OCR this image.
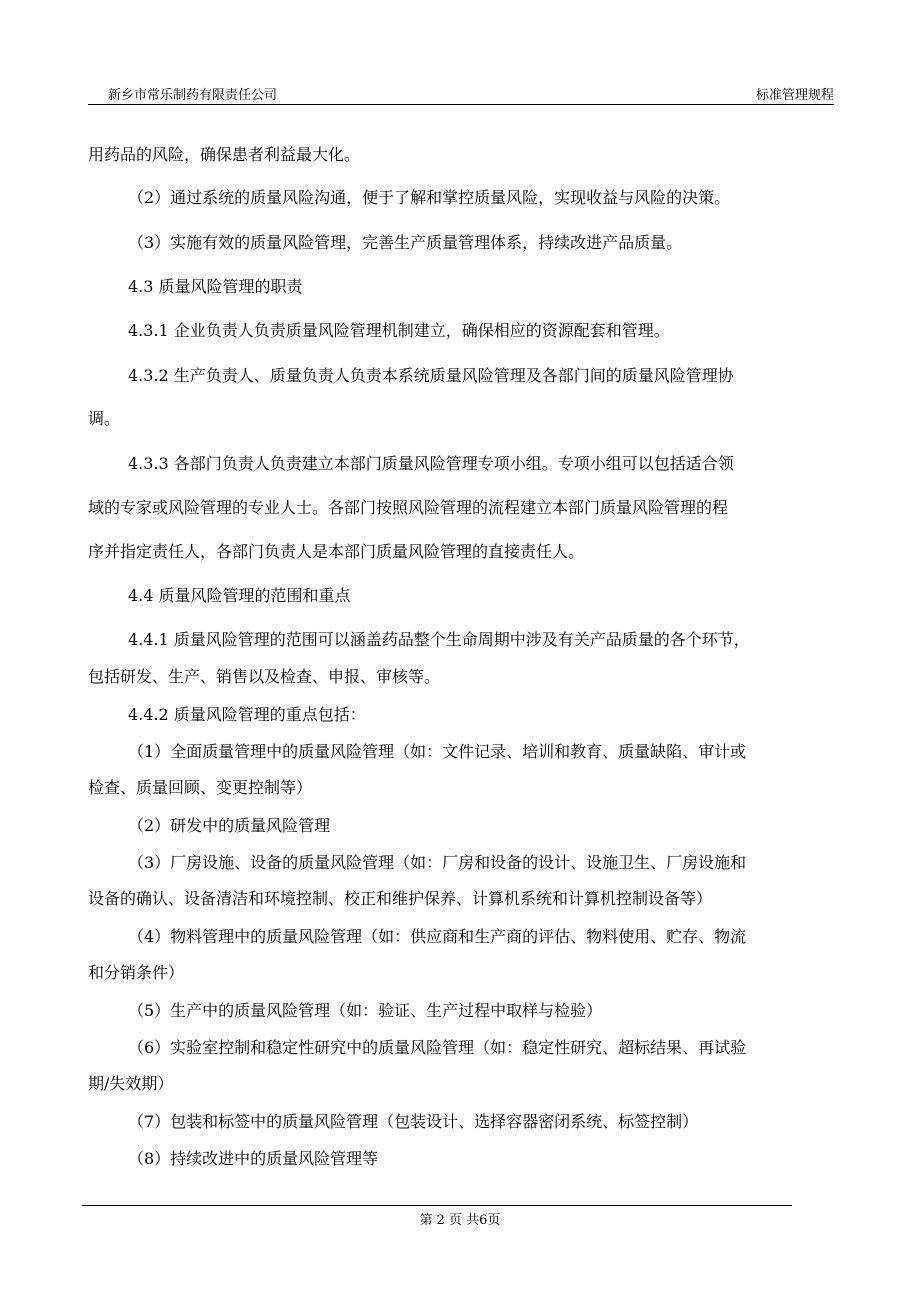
新乡市常乐制药有限责任公司	标准管理规程
用药品的风险，确保患者利益最大化。
（2）通过系统的质量风险沟通，便于了解和掌控质量风险，实现收益与风险的决策。
（3）实施有效的质量风险管理，完善生产质量管理体系，持续改进产品质量。
4.3 质量风险管理的职责
4.3.1 企业负责人负责质量风险管理机制建立，确保相应的资源配套和管理。
4.3.2 生产负责人、质量负责人负责本系统质量风险管理及各部门间的质量风险管理协
调。
4.3.3 各部门负责人负责建立本部门质量风险管理专项小组。专项小组可以包括适合领
域的专家或风险管理的专业人士。各部门按照风险管理的流程建立本部门质量风险管理的程
序并指定责任人，各部门负责人是本部门质量风险管理的直接责任人。
4.4 质量风险管理的范围和重点
4.4.1 质量风险管理的范围可以涵盖药品整个生命周期中涉及有关产品质量的各个环节，
包括研发、生产、销售以及检查、申报、审核等。
4.4.2 质量风险管理的重点包括：
（1）全面质量管理中的质量风险管理（如：文件记录、培训和教育、质量缺陷、审计或
检查、质量回顾、变更控制等）
（2）研发中的质量风险管理
（3）厂房设施、设备的质量风险管理（如：厂房和设备的设计、设施卫生、厂房设施和
设备的确认、设备清洁和环境控制、校正和维护保养、计算机系统和计算机控制设备等）
（4）物料管理中的质量风险管理（如：供应商和生产商的评估、物料使用、贮存、物流
和分销条件）
（5）生产中的质量风险管理（如：验证、生产过程中取样与检验）
（6）实验室控制和稳定性研究中的质量风险管理（如：稳定性研究、超标结果、再试验
期/失效期）
（7）包装和标签中的质量风险管理（包装设计、选择容器密闭系统、标签控制）
（8）持续改进中的质量风险管理等
第 2 页 共6页
